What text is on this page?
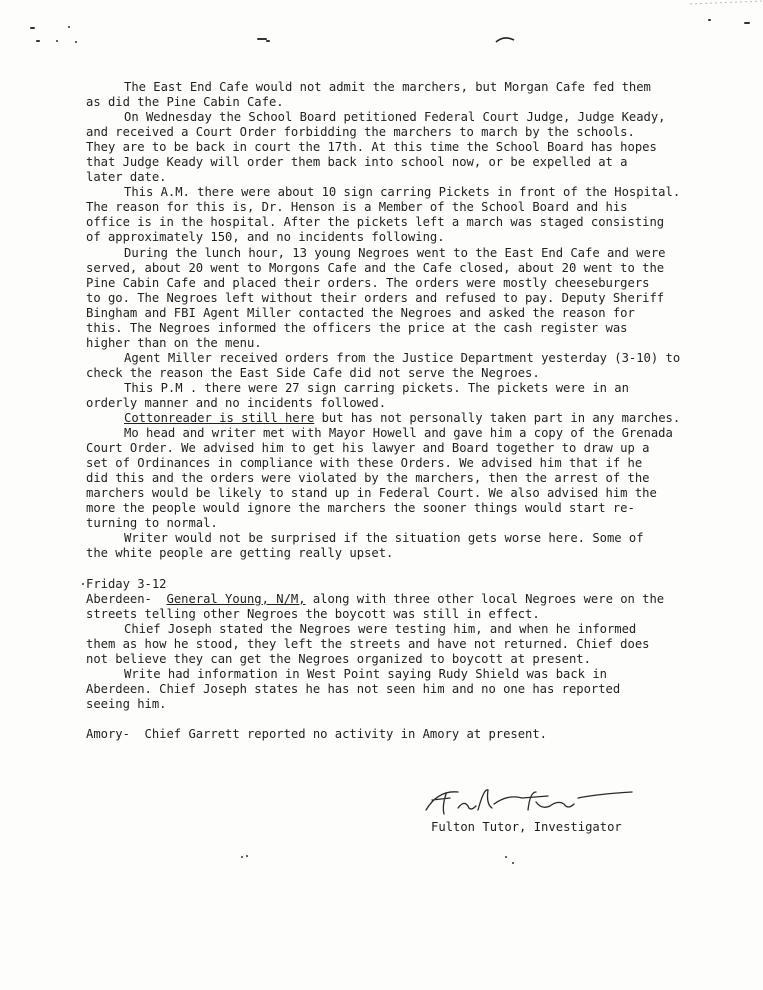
The East End Cafe would not admit the marchers, but Morgan Cafe fed them
as did the Pine Cabin Cafe.

On Wednesday the School Board petitioned Federal Court Judge, Judge Keady,
and received a Court Order forbidding the marchers to march by the schools.
They are to be back in court the 17th. At this time the School Board has hopes
that Judge Keady will order them back into school now, or be expelled at a
later date.

This A.M. there were about 10 sign carring Pickets in front of the Hospital.
The reason for this is, Dr. Henson is a Member of the School Board and his
office is in the hospital. After the pickets left a march was staged consisting
of approximately 150, and no incidents following.

During the lunch hour, 13 young Negroes went to the East End Cafe and were
served, about 20 went to Morgons Cafe and the Cafe closed, about 20 went to the
Pine Cabin Cafe and placed their orders. The orders were mostly cheeseburgers
to go. The Negroes left without their orders and refused to pay. Deputy Sheriff
Bingham and FBI Agent Miller contacted the Negroes and asked the reason for
this. The Negroes informed the officers the price at the cash register was
higher than on the menu.

Agent Miller received orders from the Justice Department yesterday (3-10) to
check the reason the East Side Cafe did not serve the Negroes.

This P.M . there were 27 sign carring pickets. The pickets were in an
orderly manner and no incidents followed.

Cottonreader is still here but has not personally taken part in any marches.

Mo head and writer met with Mayor Howell and gave him a copy of the Grenada
Court Order. We advised him to get his lawyer and Board together to draw up a
set of Ordinances in compliance with these Orders. We advised him that if he
did this and the orders were violated by the marchers, then the arrest of the
marchers would be likely to stand up in Federal Court. We also advised him the
more the people would ignore the marchers the sooner things would start re-
turning to normal.

Writer would not be surprised if the situation gets worse here. Some of
the white people are getting really upset.

Friday 3-12

Aberdeen- General Young, N/M, along with three other local Negroes were on the
streets telling other Negroes the boycott was still in effect.

Chief Joseph stated the Negroes were testing him, and when he informed
them as how he stood, they left the streets and have not returned. Chief does
not believe they can get the Negroes organized to boycott at present.

Write had information in West Point saying Rudy Shield was back in
Aberdeen. Chief Joseph states he has not seen him and no one has reported
seeing him.

Amory-  Chief Garrett reported no activity in Amory at present.

Fulton Tutor, Investigator
